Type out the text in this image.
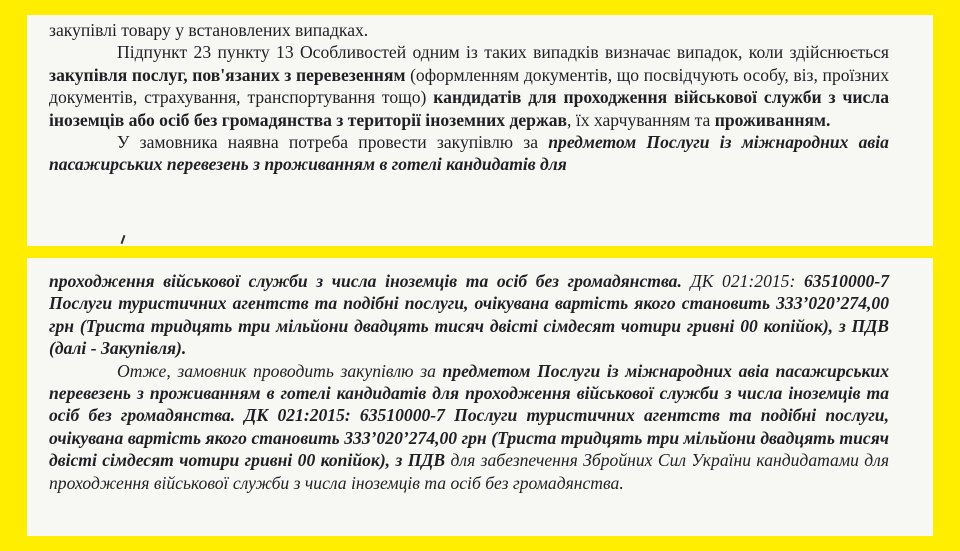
закупівлі товару у встановлених випадках.

Підпункт 23 пункту 13 Особливостей одним із таких випадків визначає випадок, коли здійснюється закупівля послуг, пов'язаних з перевезенням (оформленням документів, що посвідчують особу, віз, проїзних документів, страхування, транспортування тощо) кандидатів для проходження військової служби з числа іноземців або осіб без громадянства з території іноземних держав, їх харчуванням та проживанням.

У замовника наявна потреба провести закупівлю за предметом Послуги із міжнародних авіа пасажирських перевезень з проживанням в готелі кандидатів для

проходження військової служби з числа іноземців та осіб без громадянства. ДК 021:2015: 63510000-7 Послуги туристичних агентств та подібні послуги, очікувана вартість якого становить 333’020’274,00 грн (Триста тридцять три мільйони двадцять тисяч двісті сімдесят чотири гривні 00 копійок), з ПДВ (далі - Закупівля).

Отже, замовник проводить закупівлю за предметом Послуги із міжнародних авіа пасажирських перевезень з проживанням в готелі кандидатів для проходження військової служби з числа іноземців та осіб без громадянства. ДК 021:2015: 63510000-7 Послуги туристичних агентств та подібні послуги, очікувана вартість якого становить 333’020’274,00 грн (Триста тридцять три мільйони двадцять тисяч двісті сімдесят чотири гривні 00 копійок), з ПДВ для забезпечення Збройних Сил України кандидатами для проходження військової служби з числа іноземців та осіб без громадянства.
